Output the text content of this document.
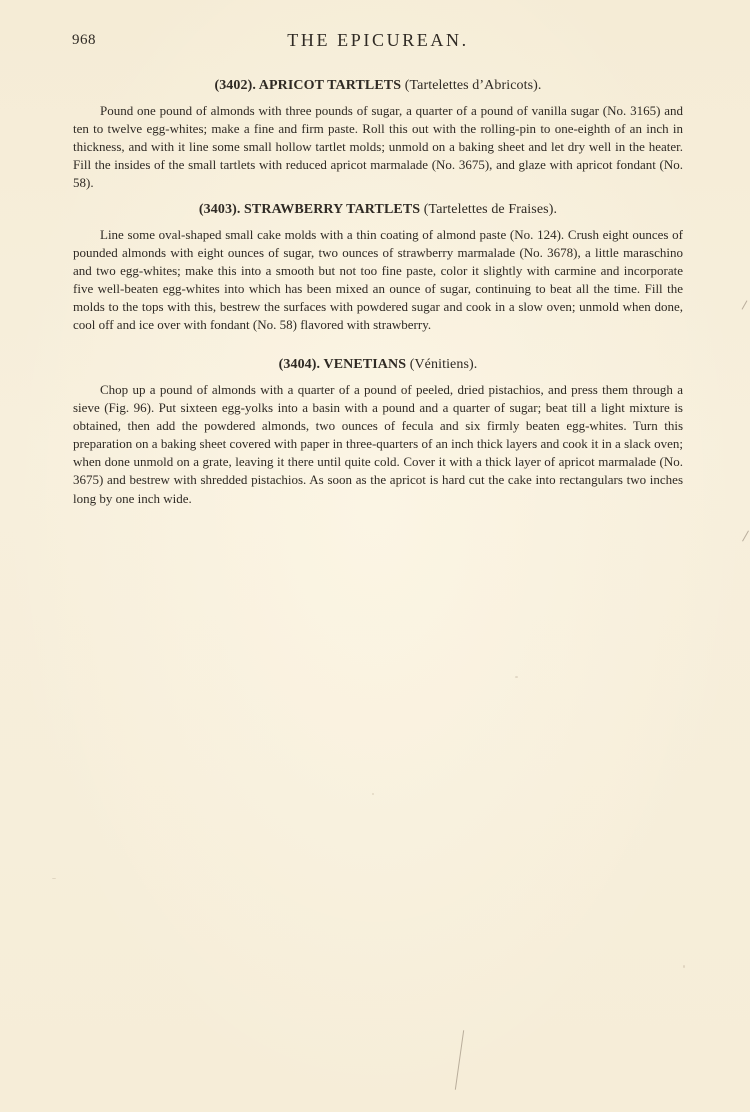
968	THE EPICUREAN.
(3402). APRICOT TARTLETS (Tartelettes d’Abricots).

Pound one pound of almonds with three pounds of sugar, a quarter of a pound of vanilla sugar (No. 3165) and ten to twelve egg-whites; make a fine and firm paste. Roll this out with the rolling-pin to one-eighth of an inch in thickness, and with it line some small hollow tartlet molds; unmold on a baking sheet and let dry well in the heater. Fill the insides of the small tartlets with reduced apricot marmalade (No. 3675), and glaze with apricot fondant (No. 58).

(3403). STRAWBERRY TARTLETS (Tartelettes de Fraises).

Line some oval-shaped small cake molds with a thin coating of almond paste (No. 124). Crush eight ounces of pounded almonds with eight ounces of sugar, two ounces of strawberry marmalade (No. 3678), a little maraschino and two egg-whites; make this into a smooth but not too fine paste, color it slightly with carmine and incorporate five well-beaten egg-whites into which has been mixed an ounce of sugar, continuing to beat all the time. Fill the molds to the tops with this, bestrew the surfaces with powdered sugar and cook in a slow oven; unmold when done, cool off and ice over with fondant (No. 58) flavored with strawberry.

(3404). VENETIANS (Vénitiens).

Chop up a pound of almonds with a quarter of a pound of peeled, dried pistachios, and press them through a sieve (Fig. 96). Put sixteen egg-yolks into a basin with a pound and a quarter of sugar; beat till a light mixture is obtained, then add the powdered almonds, two ounces of fecula and six firmly beaten egg-whites. Turn this preparation on a baking sheet covered with paper in three-quarters of an inch thick layers and cook it in a slack oven; when done unmold on a grate, leaving it there until quite cold. Cover it with a thick layer of apricot marmalade (No. 3675) and bestrew with shredded pistachios. As soon as the apricot is hard cut the cake into rectangulars two inches long by one inch wide.
